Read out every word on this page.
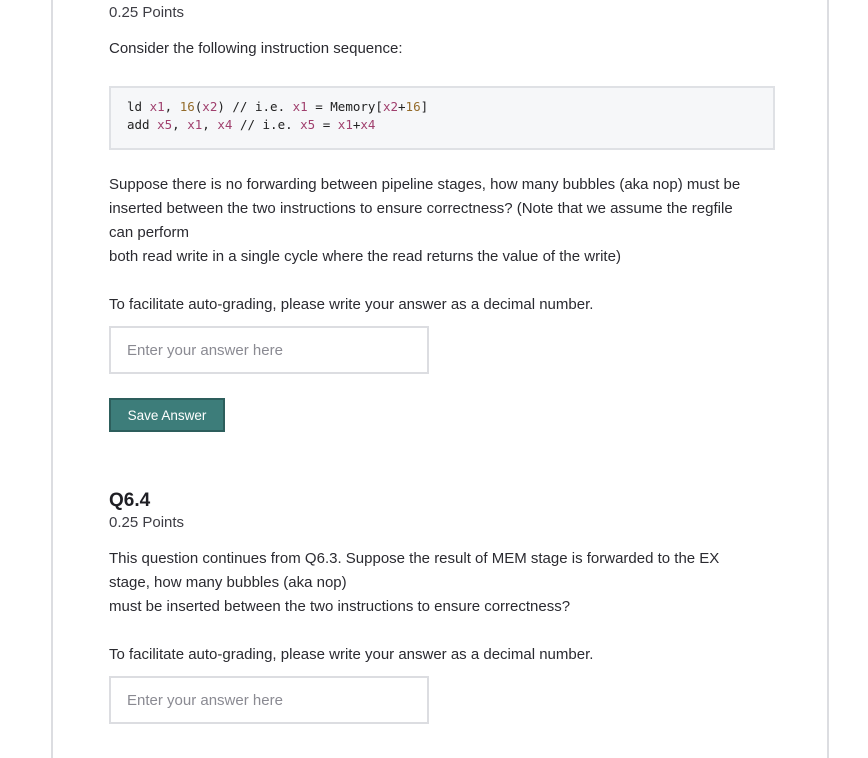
0.25 Points
Consider the following instruction sequence:
ld x1, 16(x2) // i.e. x1 = Memory[x2+16]
add x5, x1, x4 // i.e. x5 = x1+x4
Suppose there is no forwarding between pipeline stages, how many bubbles (aka nop) must be
inserted between the two instructions to ensure correctness? (Note that we assume the regfile
can perform
both read write in a single cycle where the read returns the value of the write)
To facilitate auto-grading, please write your answer as a decimal number.
Enter your answer here
Save Answer
Q6.4
0.25 Points
This question continues from Q6.3. Suppose the result of MEM stage is forwarded to the EX
stage, how many bubbles (aka nop)
must be inserted between the two instructions to ensure correctness?
To facilitate auto-grading, please write your answer as a decimal number.
Enter your answer here
